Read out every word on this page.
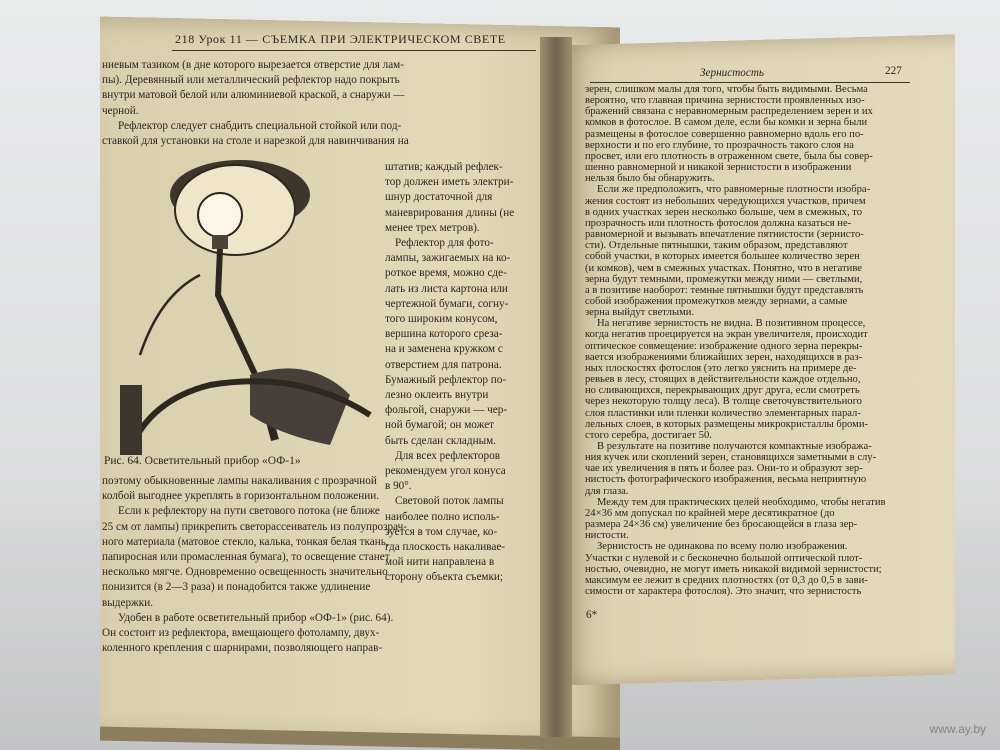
218 Урок 11 — СЪЕМКА ПРИ ЭЛЕКТРИЧЕСКОМ СВЕТЕ
ниевым тазиком (в дне которого вырезается отверстие для лам-
пы). Деревянный или металлический рефлектор надо покрыть
внутри матовой белой или алюминиевой краской, а снаружи —
черной.
Рефлектор следует снабдить специальной стойкой или под-
ставкой для установки на столе и нарезкой для навинчивания на
штатив; каждый рефлек-
тор должен иметь электри-
шнур достаточной для
маневрирования длины (не
менее трех метров).
Рефлектор для фото-
лампы, зажигаемых на ко-
роткое время, можно сде-
лать из листа картона или
чертежной бумаги, согну-
того широким конусом,
вершина которого среза-
на и заменена кружком с
отверстием для патрона.
Бумажный рефлектор по-
лезно оклеить внутри
фольгой, снаружи — чер-
ной бумагой; он может
быть сделан складным.
Для всех рефлекторов
рекомендуем угол конуса
в 90°.
Световой поток лампы
наиболее полно исполь-
зуется в том случае, ко-
гда плоскость накаливае-
мой нити направлена в
сторону объекта съемки;
Рис. 64. Осветительный прибор «ОФ-1»
поэтому обыкновенные лампы накаливания с прозрачной
колбой выгоднее укреплять в горизонтальном положении.
Если к рефлектору на пути светового потока (не ближе
25 см от лампы) прикрепить светорассеиватель из полупрозрач-
ного материала (матовое стекло, калька, тонкая белая ткань,
папиросная или промасленная бумага), то освещение станет
несколько мягче. Одновременно освещенность значительно
понизится (в 2—3 раза) и понадобится также удлинение
выдержки.
Удобен в работе осветительный прибор «ОФ-1» (рис. 64).
Он состоит из рефлектора, вмещающего фотолампу, двух-
коленного крепления с шарнирами, позволяющего направ-
Зернистость	227
зерен, слишком малы для того, чтобы быть видимыми. Весьма
вероятно, что главная причина зернистости проявленных изо-
бражений связана с неравномерным распределением зерен и их
комков в фотослое. В самом деле, если бы комки и зерна были
размещены в фотослое совершенно равномерно вдоль его по-
верхности и по его глубине, то прозрачность такого слоя на
просвет, или его плотность в отраженном свете, была бы совер-
шенно равномерной и никакой зернистости в изображении
нельзя было бы обнаружить.
Если же предположить, что равномерные плотности изобра-
жения состоят из небольших чередующихся участков, причем
в одних участках зерен несколько больше, чем в смежных, то
прозрачность или плотность фотослоя должна казаться не-
равномерной и вызывать впечатление пятнистости (зернисто-
сти). Отдельные пятнышки, таким образом, представляют
собой участки, в которых имеется большее количество зерен
(и комков), чем в смежных участках. Понятно, что в негативе
зерна будут темными, промежутки между ними — светлыми,
а в позитиве наоборот: темные пятнышки будут представлять
собой изображения промежутков между зернами, а самые
зерна выйдут светлыми.
На негативе зернистость не видна. В позитивном процессе,
когда негатив проецируется на экран увеличителя, происходит
оптическое совмещение: изображение одного зерна перекры-
вается изображениями ближайших зерен, находящихся в раз-
ных плоскостях фотослоя (это легко уяснить на примере де-
ревьев в лесу, стоящих в действительности каждое отдельно,
но сливающихся, перекрывающих друг друга, если смотреть
через некоторую толщу леса). В толще светочувствительного
слоя пластинки или пленки количество элементарных парал-
лельных слоев, в которых размещены микрокристаллы броми-
стого серебра, достигает 50.
В результате на позитиве получаются компактные изобража-
ния кучек или скоплений зерен, становящихся заметными в слу-
чае их увеличения в пять и более раз. Они-то и образуют зер-
нистость фотографического изображения, весьма неприятную
для глаза.
Между тем для практических целей необходимо, чтобы негатив
24×36 мм допускал по крайней мере десятикратное (до
размера 24×36 см) увеличение без бросающейся в глаза зер-
нистости.
Зернистость не одинакова по всему полю изображения.
Участки с нулевой и с бесконечно большой оптической плот-
ностью, очевидно, не могут иметь никакой видимой зернистости;
максимум ее лежит в средних плотностях (от 0,3 до 0,5 в зави-
симости от характера фотослоя). Это значит, что зернистость
6*
www.ay.by
